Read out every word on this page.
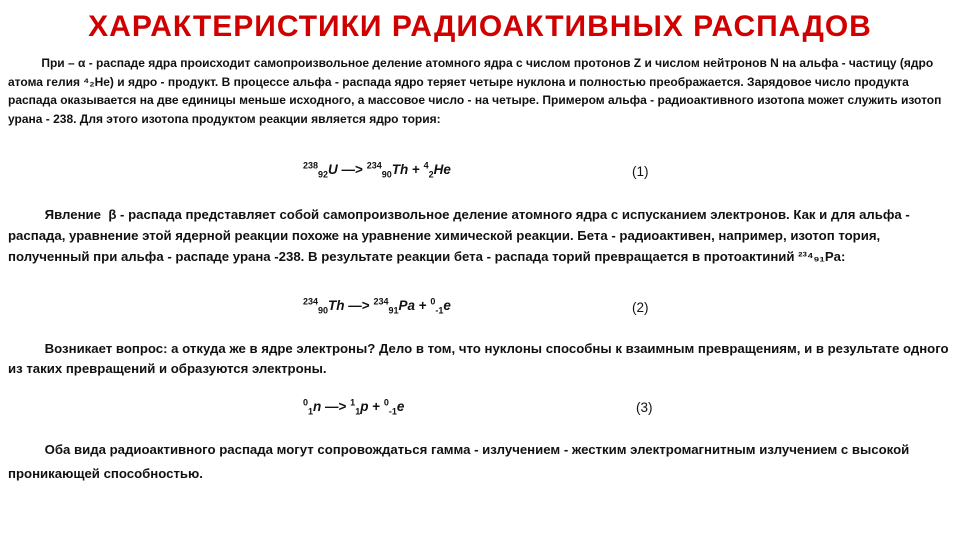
ХАРАКТЕРИСТИКИ РАДИОАКТИВНЫХ РАСПАДОВ

При – α - распаде ядра происходит самопроизвольное деление атомного ядра с числом протонов Z и числом нейтронов N на альфа - частицу (ядро атома гелия ⁴₂He) и ядро - продукт. В процессе альфа - распада ядро теряет четыре нуклона и полностью преображается. Зарядовое число продукта распада оказывается на две единицы меньше исходного, а массовое число - на четыре. Примером альфа - радиоактивного изотопа может служить изотоп урана - 238. Для этого изотопа продуктом реакции является ядро тория:

$^{238}_{92}$U —> $^{234}_{90}$Th + $^4_2$He	(1)

Явление  β - распада представляет собой самопроизвольное деление атомного ядра с испусканием электронов. Как и для альфа - распада, уравнение этой ядерной реакции похоже на уравнение химической реакции. Бета - радиоактивен, например, изотоп тория, полученный при альфа - распаде урана -238. В результате реакции бета - распада торий превращается в протоактиний ²³⁴₉₁Pa:

$^{234}_{90}$Th —> $^{234}_{91}$Pa + $^0_{-1}$e	(2)

Возникает вопрос: а откуда же в ядре электроны? Дело в том, что нуклоны способны к взаимным превращениям, и в результате одного из таких превращений и образуются электроны.

$^0_1$n —> $^1_1$p + $^0_{-1}$e	(3)

Оба вида радиоактивного распада могут сопровождаться гамма - излучением - жестким электромагнитным излучением с высокой проникающей способностью.
